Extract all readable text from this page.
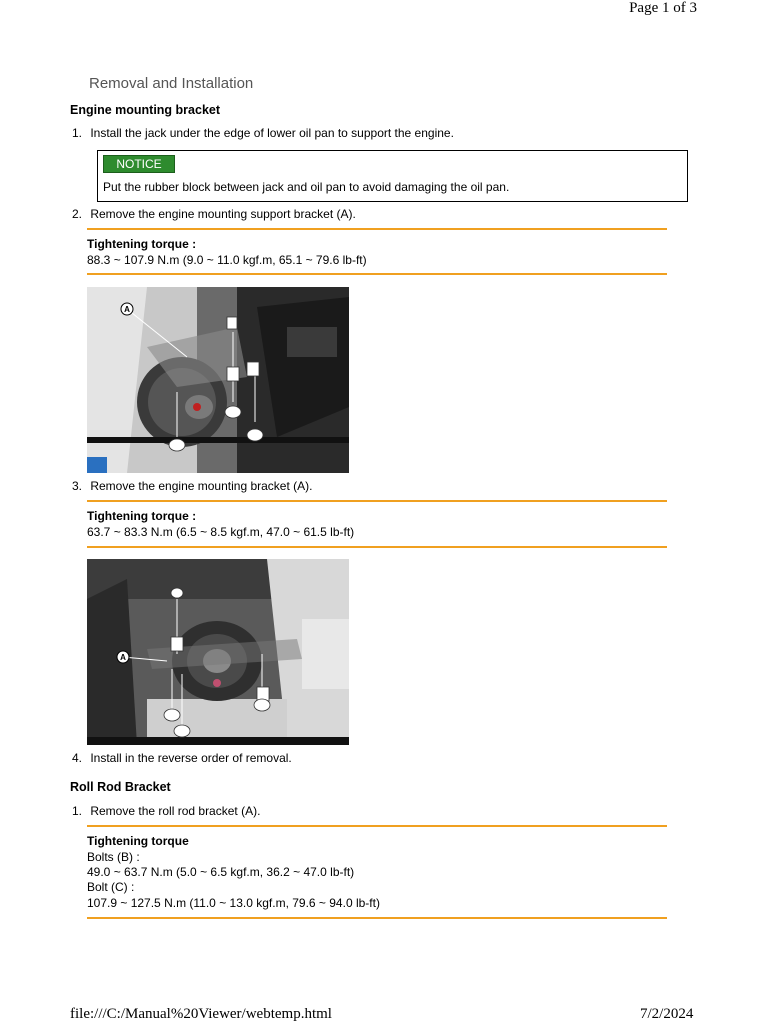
Page 1 of 3
Removal and Installation
Engine mounting bracket
1. Install the jack under the edge of lower oil pan to support the engine.
NOTICE
Put the rubber block between jack and oil pan to avoid damaging the oil pan.
2. Remove the engine mounting support bracket (A).
Tightening torque :
88.3 ~ 107.9 N.m (9.0 ~ 11.0 kgf.m, 65.1 ~ 79.6 lb-ft)
A
3. Remove the engine mounting bracket (A).
Tightening torque :
63.7 ~ 83.3 N.m (6.5 ~ 8.5 kgf.m, 47.0 ~ 61.5 lb-ft)
A
4. Install in the reverse order of removal.
Roll Rod Bracket
1. Remove the roll rod bracket (A).
Tightening torque
Bolts (B) :
49.0 ~ 63.7 N.m (5.0 ~ 6.5 kgf.m, 36.2 ~ 47.0 lb-ft)
Bolt (C) :
107.9 ~ 127.5 N.m (11.0 ~ 13.0 kgf.m, 79.6 ~ 94.0 lb-ft)
file:///C:/Manual%20Viewer/webtemp.html	7/2/2024
